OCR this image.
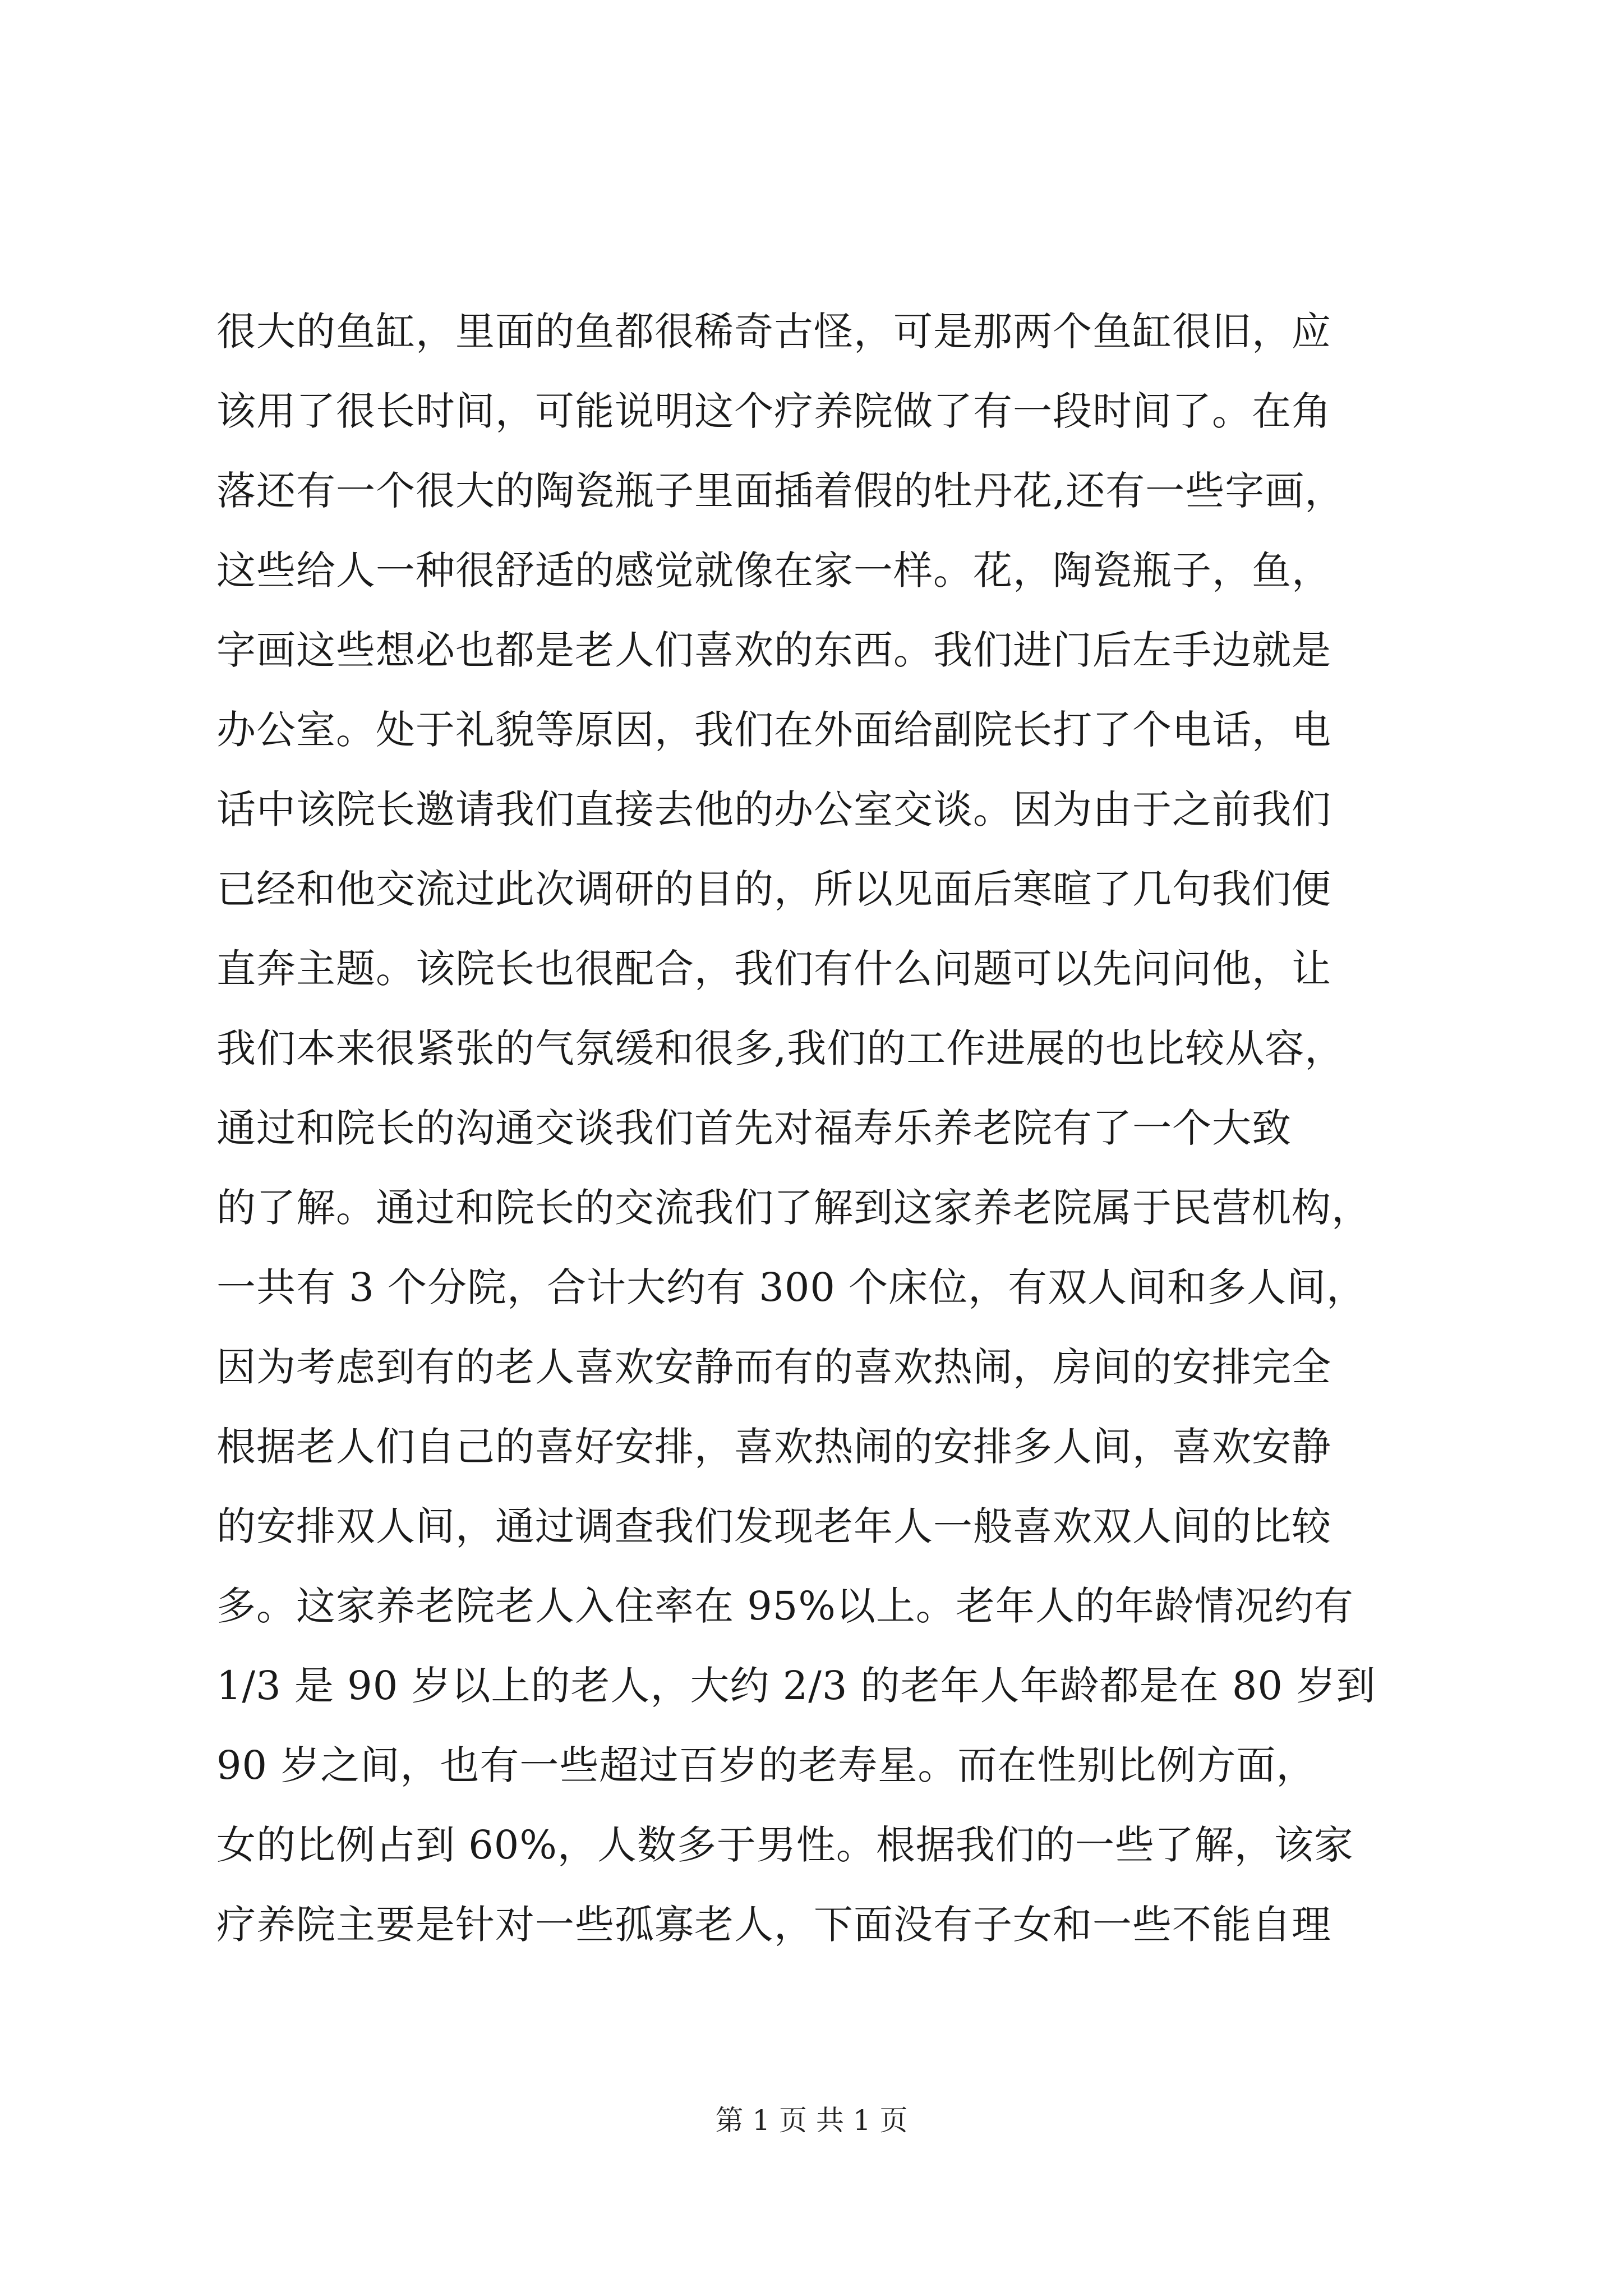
很大的鱼缸，里面的鱼都很稀奇古怪，可是那两个鱼缸很旧，应
该用了很长时间，可能说明这个疗养院做了有一段时间了。在角
落还有一个很大的陶瓷瓶子里面插着假的牡丹花,还有一些字画，
这些给人一种很舒适的感觉就像在家一样。花，陶瓷瓶子，鱼，
字画这些想必也都是老人们喜欢的东西。我们进门后左手边就是
办公室。处于礼貌等原因，我们在外面给副院长打了个电话，电
话中该院长邀请我们直接去他的办公室交谈。因为由于之前我们
已经和他交流过此次调研的目的，所以见面后寒暄了几句我们便
直奔主题。该院长也很配合，我们有什么问题可以先问问他，让
我们本来很紧张的气氛缓和很多,我们的工作进展的也比较从容，
通过和院长的沟通交谈我们首先对福寿乐养老院有了一个大致
的了解。通过和院长的交流我们了解到这家养老院属于民营机构，
一共有 3 个分院，合计大约有 300 个床位，有双人间和多人间，
因为考虑到有的老人喜欢安静而有的喜欢热闹，房间的安排完全
根据老人们自己的喜好安排，喜欢热闹的安排多人间，喜欢安静
的安排双人间，通过调查我们发现老年人一般喜欢双人间的比较
多。这家养老院老人入住率在 95%以上。老年人的年龄情况约有
1/3 是 90 岁以上的老人，大约 2/3 的老年人年龄都是在 80 岁到
90 岁之间，也有一些超过百岁的老寿星。而在性别比例方面，
女的比例占到 60%，人数多于男性。根据我们的一些了解，该家
疗养院主要是针对一些孤寡老人，下面没有子女和一些不能自理
第 1 页 共 1 页
